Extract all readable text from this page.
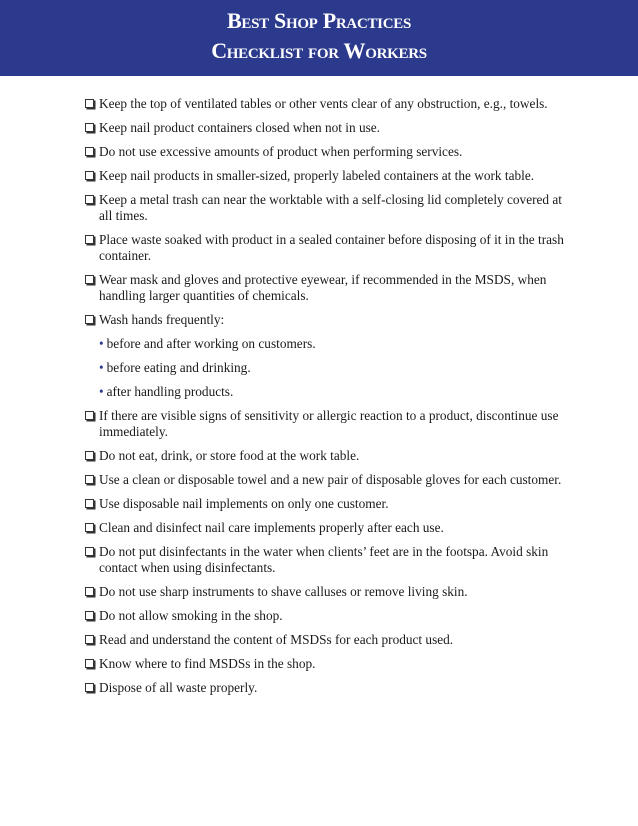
Best Shop Practices
Checklist for Workers
Keep the top of ventilated tables or other vents clear of any obstruction, e.g., towels.
Keep nail product containers closed when not in use.
Do not use excessive amounts of product when performing services.
Keep nail products in smaller-sized, properly labeled containers at the work table.
Keep a metal trash can near the worktable with a self-closing lid completely covered at all times.
Place waste soaked with product in a sealed container before disposing of it in the trash container.
Wear mask and gloves and protective eyewear, if recommended in the MSDS, when handling larger quantities of chemicals.
Wash hands frequently:
• before and after working on customers.
• before eating and drinking.
• after handling products.
If there are visible signs of sensitivity or allergic reaction to a product, discontinue use immediately.
Do not eat, drink, or store food at the work table.
Use a clean or disposable towel and a new pair of disposable gloves for each customer.
Use disposable nail implements on only one customer.
Clean and disinfect nail care implements properly after each use.
Do not put disinfectants in the water when clients’ feet are in the footspa. Avoid skin contact when using disinfectants.
Do not use sharp instruments to shave calluses or remove living skin.
Do not allow smoking in the shop.
Read and understand the content of MSDSs for each product used.
Know where to find MSDSs in the shop.
Dispose of all waste properly.
